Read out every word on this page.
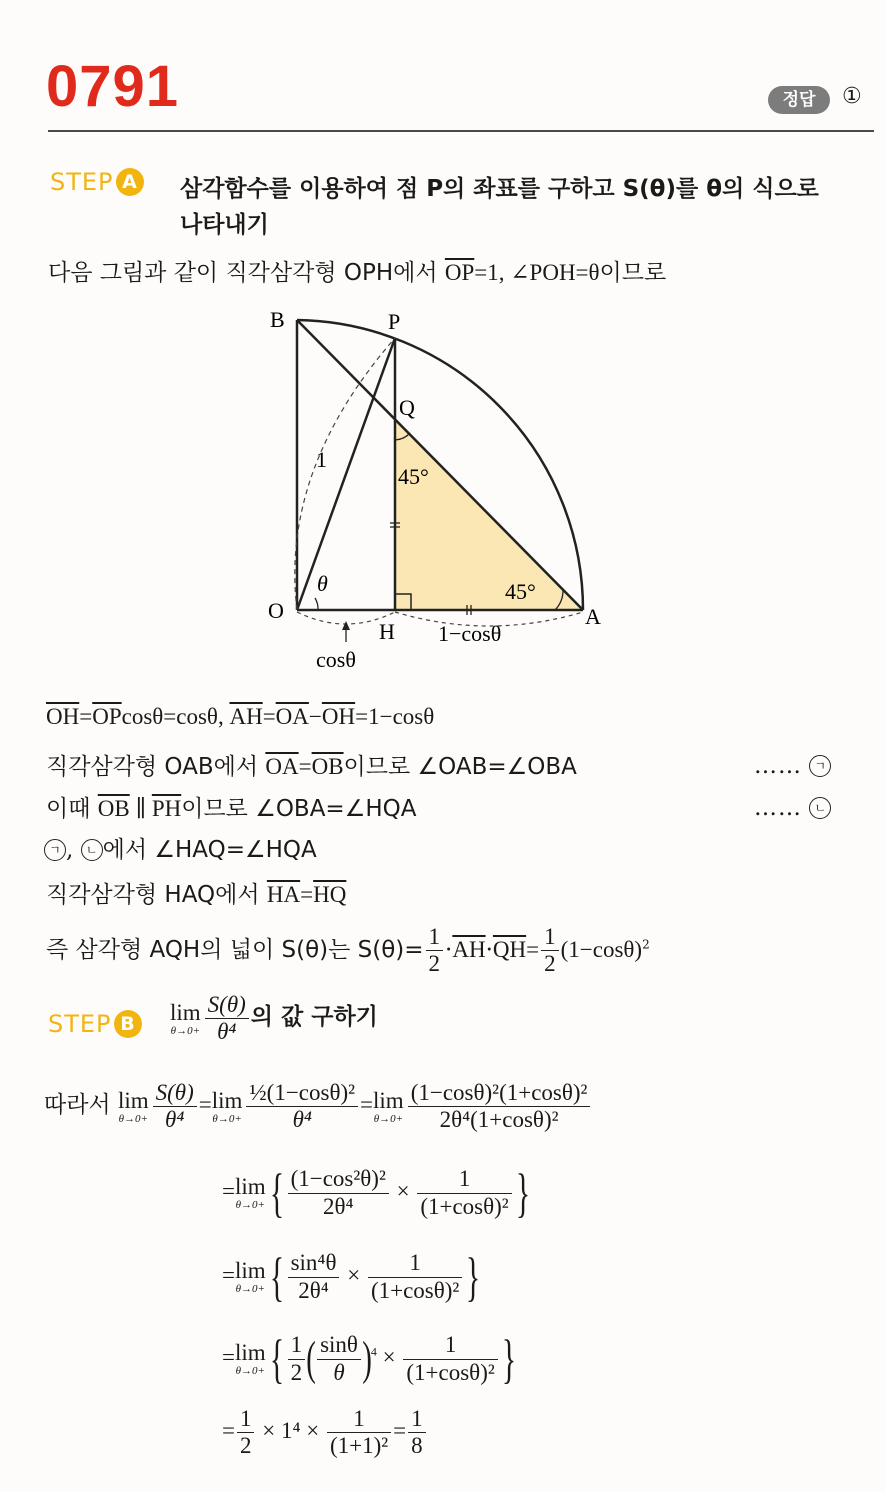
0791	정답	①
STEP A 삼각함수를 이용하여 점 P의 좌표를 구하고 S(θ)를 θ의 식으로
나타내기
다음 그림과 같이 직각삼각형 OPH에서 $\overline{OP}=1$, ∠POH=θ이므로
B	P
Q
O
H
A
1
θ
45°
45°
cosθ
1−cosθ
$\overline{OH}=\overline{OP}\cos\theta=\cos\theta$, $\overline{AH}=\overline{OA}-\overline{OH}=1-\cos\theta$
직각삼각형 OAB에서 $\overline{OA}=\overline{OB}$이므로 ∠OAB=∠OBA	…… ㄱ
이때 $\overline{OB}$ ∥ $\overline{PH}$이므로 ∠OBA=∠HQA	…… ㄴ
ㄱ , ㄴ 에서 ∠HAQ=∠HQA
직각삼각형 HAQ에서 $\overline{HA}=\overline{HQ}$
즉 삼각형 AQH의 넓이 S(θ)는 $S(\theta)= \frac{1}{2} \cdot\overline{AH}\cdot\overline{QH}= \frac{1}{2} (1-\cos\theta)^2$
STEP B lim
$\theta\to 0+ \frac{S(\theta)}{\text{θ⁴}}$ 의 값 구하기
따라서 lim
$\theta\to 0+ \frac{S(\theta)}{\text{θ⁴}} = \lim$
$\theta\to 0+ \frac{\text{½(1−cosθ)²}}{\text{θ⁴}} = \lim$
$\theta\to 0+ \frac{\text{(1−cosθ)²(1+cosθ)²}}{\text{2θ⁴(1+cosθ)²}}$
= lim
θ→0+ { $\frac{\text{(1−cos²θ)²}}{\text{2θ⁴}} \times \frac{1}{\text{(1+cosθ)²}}$ }
= lim
θ→0+ { $\frac{\text{sin⁴θ}}{\text{2θ⁴}} \times \frac{1}{\text{(1+cosθ)²}}$ }
= lim
θ→0+ { $\frac{1}{2}$ ( $\frac{\sin\theta}{\theta} )^4 \times \frac{1}{\text{(1+cosθ)²}}$ }
= $\frac{1}{2} \times 1^4 \times \frac{1}{\text{(1+1)²}} = \frac{1}{8}$
